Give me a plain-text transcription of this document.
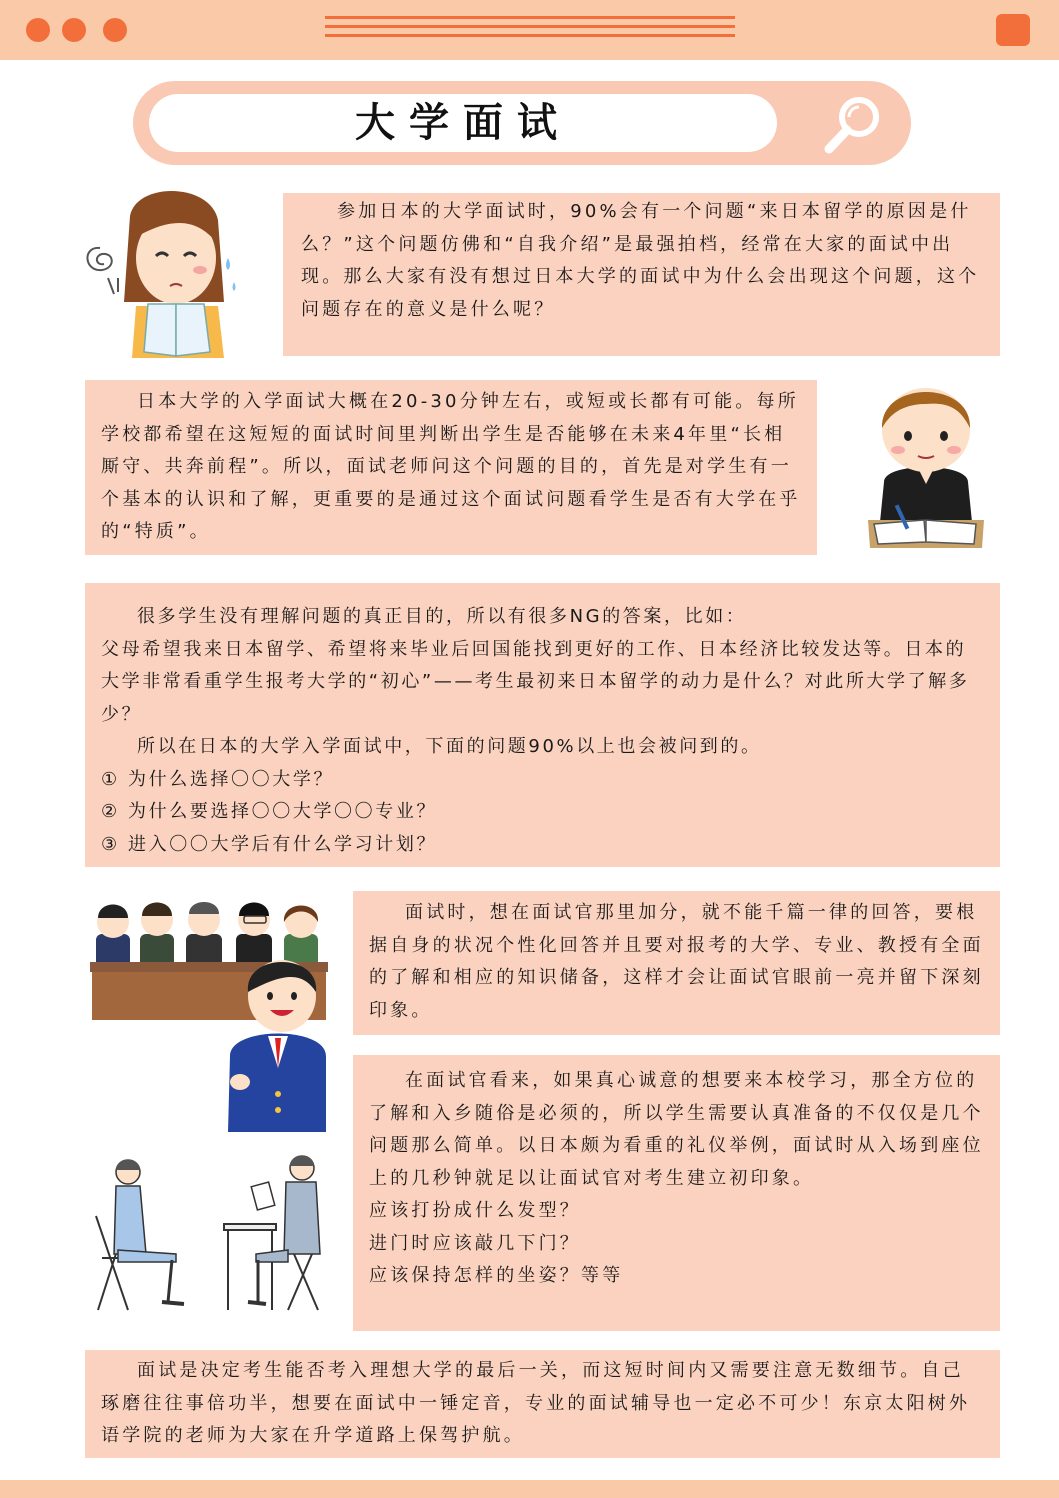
大学面试

参加日本的大学面试时，90%会有一个问题“来日本留学的原因是什么？”这个问题仿佛和“自我介绍”是最强拍档，经常在大家的面试中出现。那么大家有没有想过日本大学的面试中为什么会出现这个问题，这个问题存在的意义是什么呢？

日本大学的入学面试大概在20-30分钟左右，或短或长都有可能。每所学校都希望在这短短的面试时间里判断出学生是否能够在未来4年里“长相厮守、共奔前程”。所以，面试老师问这个问题的目的，首先是对学生有一个基本的认识和了解，更重要的是通过这个面试问题看学生是否有大学在乎的“特质”。

很多学生没有理解问题的真正目的，所以有很多NG的答案，比如：

父母希望我来日本留学、希望将来毕业后回国能找到更好的工作、日本经济比较发达等。日本的大学非常看重学生报考大学的“初心”——考生最初来日本留学的动力是什么？对此所大学了解多少？

所以在日本的大学入学面试中，下面的问题90%以上也会被问到的。

① 为什么选择〇〇大学？

② 为什么要选择〇〇大学〇〇专业？

③ 进入〇〇大学后有什么学习计划？

面试时，想在面试官那里加分，就不能千篇一律的回答，要根据自身的状况个性化回答并且要对报考的大学、专业、教授有全面的了解和相应的知识储备，这样才会让面试官眼前一亮并留下深刻印象。

在面试官看来，如果真心诚意的想要来本校学习，那全方位的了解和入乡随俗是必须的，所以学生需要认真准备的不仅仅是几个问题那么简单。以日本颇为看重的礼仪举例，面试时从入场到座位上的几秒钟就足以让面试官对考生建立初印象。

应该打扮成什么发型？

进门时应该敲几下门？

应该保持怎样的坐姿？等等

面试是决定考生能否考入理想大学的最后一关，而这短时间内又需要注意无数细节。自己琢磨往往事倍功半，想要在面试中一锤定音，专业的面试辅导也一定必不可少！东京太阳树外语学院的老师为大家在升学道路上保驾护航。
